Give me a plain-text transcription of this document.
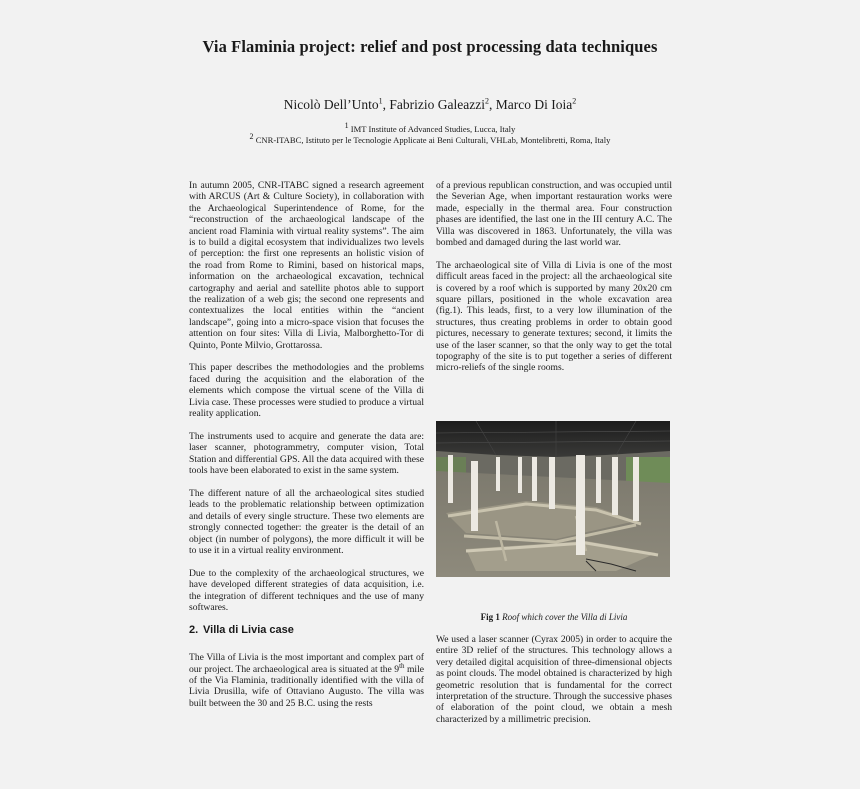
Via Flaminia project: relief and post processing data techniques
Nicolò Dell’Unto$^1$, Fabrizio Galeazzi$^2$, Marco Di Ioia$^2$
$^1$ IMT Institute of Advanced Studies, Lucca, Italy
$^2$ CNR-ITABC, Istituto per le Tecnologie Applicate ai Beni Culturali, VHLab, Montelibretti, Roma, Italy

In autumn 2005, CNR-ITABC signed a research agreement with ARCUS (Art & Culture Society), in collaboration with the Archaeological Superintendence of Rome, for the “reconstruction of the archaeological landscape of the ancient road Flaminia with virtual reality systems”. The aim is to build a digital ecosystem that individualizes two levels of perception: the first one represents an holistic vision of the road from Rome to Rimini, based on historical maps, information on the archaeological excavation, technical cartography and aerial and satellite photos able to support the realization of a web gis; the second one represents and contextualizes the local entities within the “ancient landscape”, going into a micro-space vision that focuses the attention on four sites: Villa di Livia, Malborghetto-Tor di Quinto, Ponte Milvio, Grottarossa.

This paper describes the methodologies and the problems faced during the acquisition and the elaboration of the elements which compose the virtual scene of the Villa di Livia case. These processes were studied to produce a virtual reality application.

The instruments used to acquire and generate the data are: laser scanner, photogrammetry, computer vision, Total Station and differential GPS. All the data acquired with these tools have been elaborated to exist in the same system.

The different nature of all the archaeological sites studied leads to the problematic relationship between optimization and details of every single structure. These two elements are strongly connected together: the greater is the detail of an object (in number of polygons), the more difficult it will be to use it in a virtual reality environment.

Due to the complexity of the archaeological structures, we have developed different strategies of data acquisition, i.e. the integration of different techniques and the use of many softwares.

2. Villa di Livia case

The Villa of Livia is the most important and complex part of our project. The archaeological area is situated at the 9th mile of the Via Flaminia, traditionally identified with the villa of Livia Drusilla, wife of Ottaviano Augusto. The villa was built between the 30 and 25 B.C. using the rests

of a previous republican construction, and was occupied until the Severian Age, when important restauration works were made, especially in the thermal area. Four construction phases are identified, the last one in the III century A.C. The Villa was discovered in 1863. Unfortunately, the villa was bombed and damaged during the last world war.

The archaeological site of Villa di Livia is one of the most difficult areas faced in the project: all the archaeological site is covered by a roof which is supported by many 20x20 cm square pillars, positioned in the whole excavation area (fig.1). This leads, first, to a very low illumination of the structures, thus creating problems in order to obtain good pictures, necessary to generate textures; second, it limits the use of the laser scanner, so that the only way to get the total topography of the site is to put together a series of different micro-reliefs of the single rooms.

Fig 1 Roof which cover the Villa di Livia

We used a laser scanner (Cyrax 2005) in order to acquire the entire 3D relief of the structures. This technology allows a very detailed digital acquisition of three-dimensional objects as point clouds. The model obtained is characterized by high geometric resolution that is fundamental for the correct interpretation of the structure. Through the successive phases of elaboration of the point cloud, we obtain a mesh characterized by a millimetric precision.
